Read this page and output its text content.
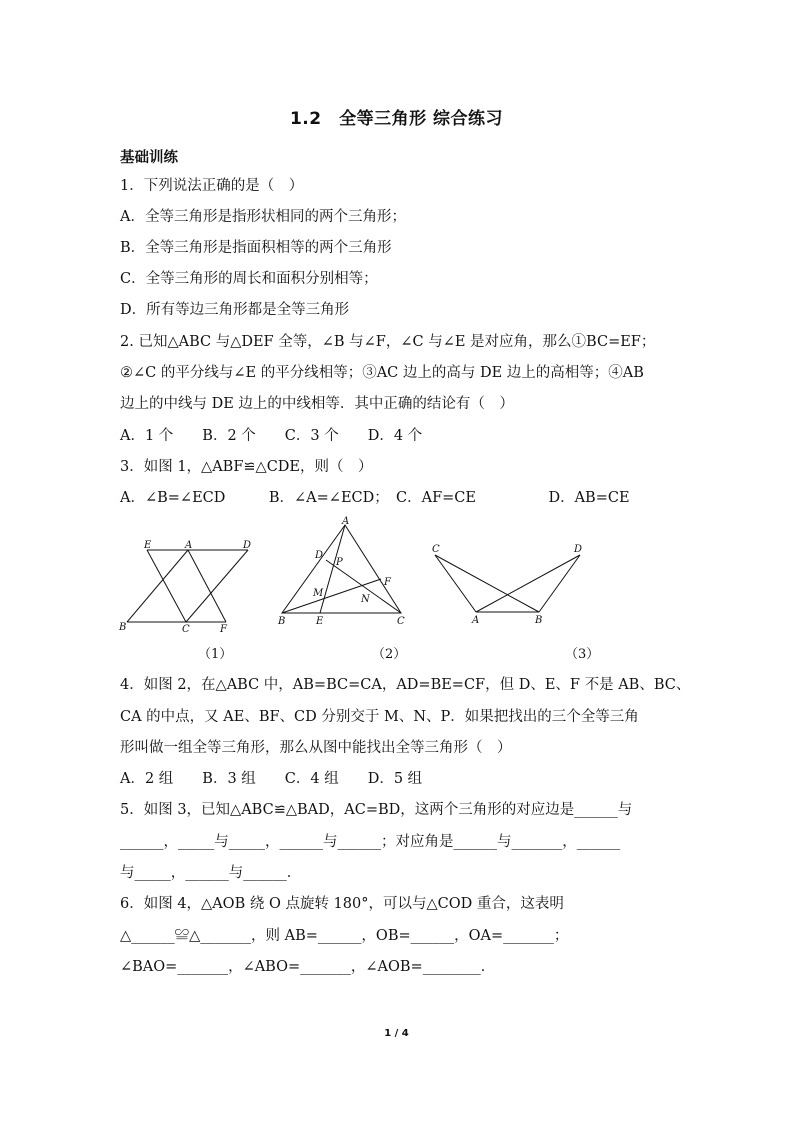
1.2　全等三角形 综合练习
基础训练
1．下列说法正确的是（　）
A．全等三角形是指形状相同的两个三角形；
B．全等三角形是指面积相等的两个三角形
C．全等三角形的周长和面积分别相等；
D．所有等边三角形都是全等三角形
2. 已知△ABC 与△DEF 全等，∠B 与∠F，∠C 与∠E 是对应角，那么①BC=EF；
②∠C 的平分线与∠E 的平分线相等；③AC 边上的高与 DE 边上的高相等；④AB
边上的中线与 DE 边上的中线相等．其中正确的结论有（　）
A．1 个　　B．2 个　　C．3 个　　D．4 个
3．如图 1，△ABF≌△CDE，则（　）
A．∠B=∠ECD　　　B．∠A=∠ECD；　C．AF=CE　　　　　D．AB=CE
E	A	D
B	C	F
（1）
A
D
P
F
M
N
B	E	C
（2）
C	D
A	B
（3）
4．如图 2，在△ABC 中，AB=BC=CA，AD=BE=CF，但 D、E、F 不是 AB、BC、
CA 的中点，又 AE、BF、CD 分别交于 M、N、P．如果把找出的三个全等三角
形叫做一组全等三角形，那么从图中能找出全等三角形（　）
A．2 组　　B．3 组　　C．4 组　　D．5 组
5．如图 3，已知△ABC≌△BAD，AC=BD，这两个三角形的对应边是______与
______，_____与_____，______与______；对应角是______与_______，______
与_____，______与______．
6．如图 4，△AOB 绕 O 点旋转 180°，可以与△COD 重合，这表明
△______≌△_______，则 AB=______，OB=______，OA=_______；
∠BAO=_______，∠ABO=_______，∠AOB=________．
1 / 4
